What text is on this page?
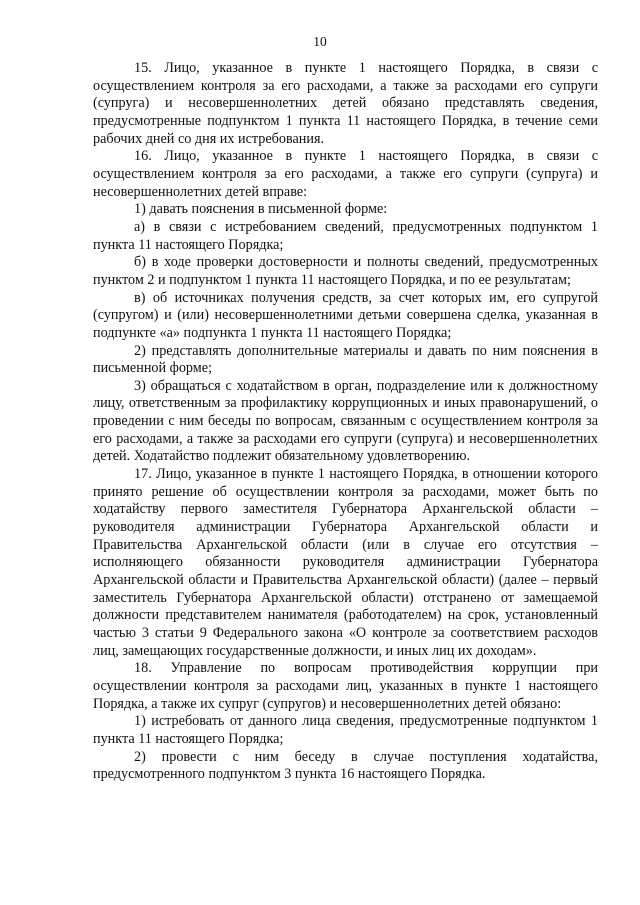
10

15. Лицо, указанное в пункте 1 настоящего Порядка, в связи с осуществлением контроля за его расходами, а также за расходами его супруги (супруга) и несовершеннолетних детей обязано представлять сведения, предусмотренные подпунктом 1 пункта 11 настоящего Порядка, в течение семи рабочих дней со дня их истребования.

16. Лицо, указанное в пункте 1 настоящего Порядка, в связи с осуществлением контроля за его расходами, а также его супруги (супруга) и несовершеннолетних детей вправе:

1) давать пояснения в письменной форме:

а) в связи с истребованием сведений, предусмотренных подпунктом 1 пункта 11 настоящего Порядка;

б) в ходе проверки достоверности и полноты сведений, предусмотренных пунктом 2 и подпунктом 1 пункта 11 настоящего Порядка, и по ее результатам;

в) об источниках получения средств, за счет которых им, его супругой (супругом) и (или) несовершеннолетними детьми совершена сделка, указанная в подпункте «а» подпункта 1 пункта 11 настоящего Порядка;

2) представлять дополнительные материалы и давать по ним пояснения в письменной форме;

3) обращаться с ходатайством в орган, подразделение или к должностному лицу, ответственным за профилактику коррупционных и иных правонарушений, о проведении с ним беседы по вопросам, связанным с осуществлением контроля за его расходами, а также за расходами его супруги (супруга) и несовершеннолетних детей. Ходатайство подлежит обязательному удовлетворению.

17. Лицо, указанное в пункте 1 настоящего Порядка, в отношении которого принято решение об осуществлении контроля за расходами, может быть по ходатайству первого заместителя Губернатора Архангельской области – руководителя администрации Губернатора Архангельской области и Правительства Архангельской области (или в случае его отсутствия – исполняющего обязанности руководителя администрации Губернатора Архангельской области и Правительства Архангельской области) (далее – первый заместитель Губернатора Архангельской области) отстранено от замещаемой должности представителем нанимателя (работодателем) на срок, установленный частью 3 статьи 9 Федерального закона «О контроле за соответствием расходов лиц, замещающих государственные должности, и иных лиц их доходам».

18. Управление по вопросам противодействия коррупции при осуществлении контроля за расходами лиц, указанных в пункте 1 настоящего Порядка, а также их супруг (супругов) и несовершеннолетних детей обязано:

1) истребовать от данного лица сведения, предусмотренные подпунктом 1 пункта 11 настоящего Порядка;

2) провести с ним беседу в случае поступления ходатайства, предусмотренного подпунктом 3 пункта 16 настоящего Порядка.
